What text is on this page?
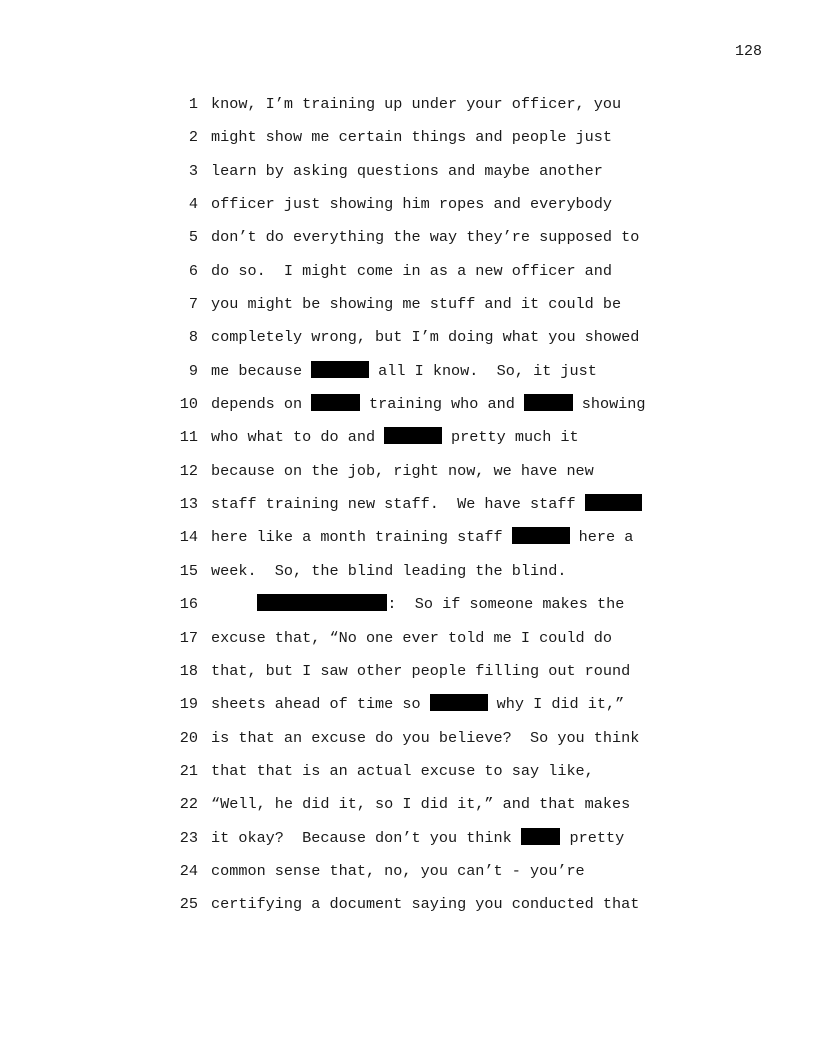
128
1 know, I’m training up under your officer, you
2 might show me certain things and people just
3 learn by asking questions and maybe another
4 officer just showing him ropes and everybody
5 don’t do everything the way they’re supposed to
6 do so.  I might come in as a new officer and
7 you might be showing me stuff and it could be
8 completely wrong, but I’m doing what you showed
9 me because	all I know.  So, it just
10 depends on	training who and	showing
11 who what to do and	pretty much it
12 because on the job, right now, we have new
13 staff training new staff.  We have staff
14 here like a month training staff	here a
15 week.  So, the blind leading the blind.
16	:  So if someone makes the
17 excuse that, “No one ever told me I could do
18 that, but I saw other people filling out round
19 sheets ahead of time so	why I did it,”
20 is that an excuse do you believe?  So you think
21 that that is an actual excuse to say like,
22 “Well, he did it, so I did it,” and that makes
23 it okay?  Because don’t you think	pretty
24 common sense that, no, you can’t - you’re
25 certifying a document saying you conducted that
